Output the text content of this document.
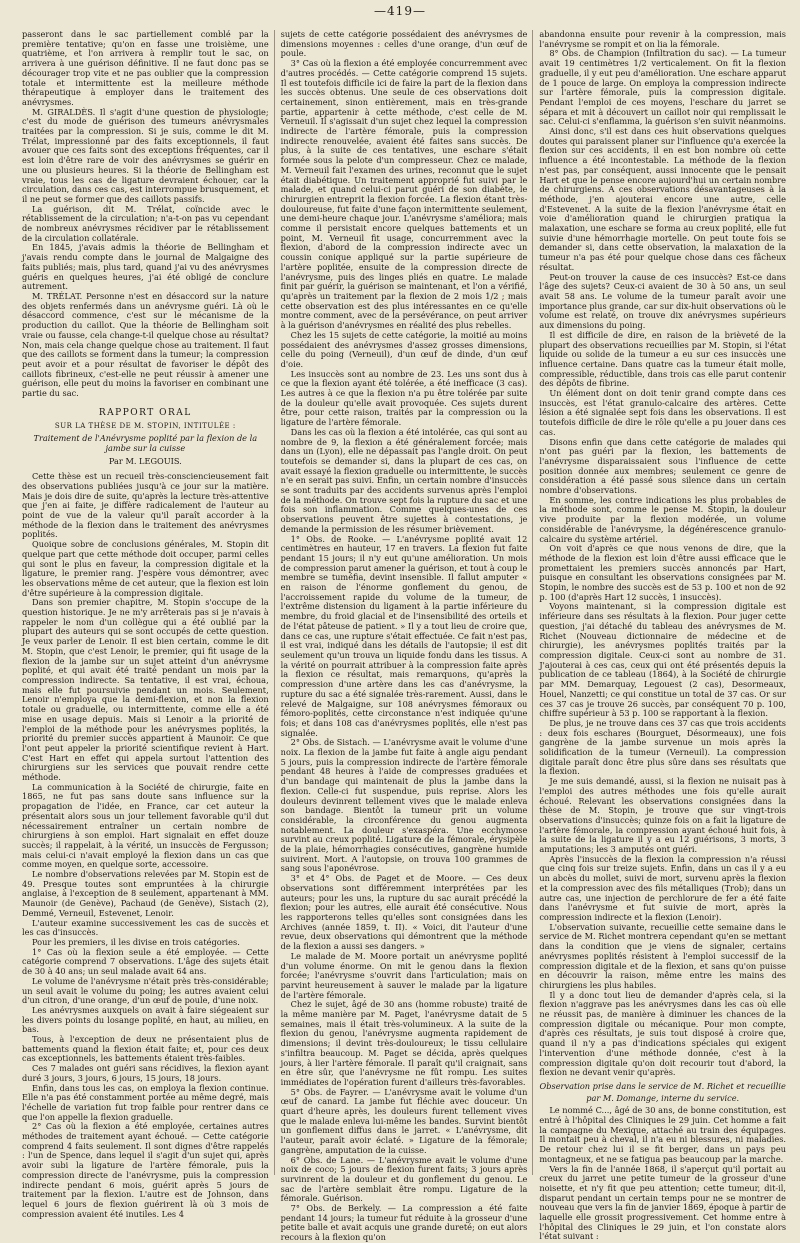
—419—

passeront dans le sac partiellement comblé par la première tentative; qu'on en fasse une troisième, une quatrième, et l'on arrivera à remplir tout le sac, on arrivera à une guérison définitive. Il ne faut donc pas se décourager trop vite et ne pas oublier que la compression totale et intermittente est la meilleure méthode thérapeutique à employer dans le traitement des anévrysmes.

M. GIRALDÈS. Il s'agit d'une question de physiologie; c'est du mode de guérison des tumeurs anévrysmales traitées par la compression. Si je suis, comme le dit M. Trélat, impressionné par des faits exceptionnels, il faut avouer que ces faits sont des exceptions fréquentes, car il est loin d'être rare de voir des anévrysmes se guérir en une ou plusieurs heures. Si la théorie de Bellingham est vraie, tous les cas de ligature devraient échouer, car la circulation, dans ces cas, est interrompue brusquement, et il ne peut se former que des caillots passifs.

La guérison, dit M. Trélat, coïncide avec le rétablissement de la circulation; n'a-t-on pas vu cependant de nombreux anévrysmes récidiver par le rétablissement de la circulation collatérale.

En 1845, j'avais admis la théorie de Bellingham et j'avais rendu compte dans le journal de Malgaigne des faits publiés; mais, plus tard, quand j'ai vu des anévrysmes guéris en quelques heures, j'ai été obligé de conclure autrement.

M. TRÉLAT. Personne n'est en désaccord sur la nature des objets renfermés dans un anévrysme guéri. Là où le désaccord commence, c'est sur le mécanisme de la production du caillot. Que la théorie de Bellingham soit vraie ou fausse, cela change-t-il quelque chose au résultat? Non, mais cela change quelque chose au traitement. Il faut que des caillots se forment dans la tumeur; la compression peut avoir et a pour résultat de favoriser le dépôt des caillots fibrineux, c'est-elle ne peut réussir à amener une guérison, elle peut du moins la favoriser en combinant une partie du sac.

RAPPORT ORAL
SUR LA THÈSE DE M. STOPIN, INTITULÉE :
Traitement de l'Anévrysme poplité par la flexion de la jambe sur la cuisse
Par M. LEGOUIS.

Cette thèse est un recueil très-consciencieusement fait des observations publiées jusqu'à ce jour sur la matière. Mais je dois dire de suite, qu'après la lecture très-attentive que j'en ai faite, je diffère radicalement de l'auteur au point de vue de la valeur qu'il paraît accorder à la méthode de la flexion dans le traitement des anévrysmes poplités.

Quoique sobre de conclusions générales, M. Stopin dit quelque part que cette méthode doit occuper, parmi celles qui sont le plus en faveur, la compression digitale et la ligature, le premier rang. J'espère vous démontrer, avec les observations même de cet auteur, que la flexion est loin d'être supérieure à la compression digitale.

Dans son premier chapitre, M. Stopin s'occupe de la question historique. Je ne m'y arrêterais pas si je n'avais à rappeler le nom d'un collègue qui a été oublié par la plupart des auteurs qui se sont occupés de cette question. Je veux parler de Lenoir. Il est bien certain, comme le dit M. Stopin, que c'est Lenoir, le premier, qui fit usage de la flexion de la jambe sur un sujet atteint d'un anévrysme poplité, et qui avait été traité pendant un mois par la compression indirecte. Sa tentative, il est vrai, échoua, mais elle fut poursuivie pendant un mois. Seulement, Lenoir n'employa que la demi-flexion, et non la flexion totale ou graduelle, ou intermittente, comme elle a été mise en usage depuis. Mais si Lenoir a la priorité de l'emploi de la méthode pour les anévrysmes poplités, la priorité du premier succès appartient à Maunoir. Ce que l'ont peut appeler la priorité scientifique revient à Hart. C'est Hart en effet qui appela surtout l'attention des chirurgiens sur les services que pouvait rendre cette méthode.

La communication à la Société de chirurgie, faite en 1865, ne fut pas sans doute sans influence sur la propagation de l'idée, en France, car cet auteur la présentait alors sous un jour tellement favorable qu'il dut nécessairement entraîner un certain nombre de chirurgiens à son emploi. Hart signalait en effet douze succès; il rappelait, à la vérité, un insuccès de Fergusson; mais celui-ci n'avait employé la flexion dans un cas que comme moyen, en quelque sorte, accessoire.

Le nombre d'observations relevées par M. Stopin est de 49. Presque toutes sont empruntées à la chirurgie anglaise, à l'exception de 8 seulement, appartenant à MM. Maunoir (de Genève), Pachaud (de Genève), Sistach (2), Demmé, Verneuil, Estevenet, Lenoir.

L'auteur examine successivement les cas de succès et les cas d'insuccès.

Pour les premiers, il les divise en trois catégories.

1° Cas où la flexion seule a été employée. — Cette catégorie comprend 7 observations. L'âge des sujets était de 30 à 40 ans; un seul malade avait 64 ans.

Le volume de l'anévrysme n'était près très-considérable; un seul avait le volume du poing; les autres avaient celui d'un citron, d'une orange, d'un œuf de poule, d'une noix.

Les anévrysmes auxquels on avait à faire siégeaient sur les divers points du losange poplité, en haut, au milieu, en bas.

Tous, à l'exception de deux ne présentaient plus de battements quand la flexion était faite; et, pour ces deux cas exceptionnels, les battements étaient très-faibles.

Ces 7 malades ont guéri sans récidives, la flexion ayant duré 3 jours, 3 jours, 6 jours, 15 jours, 18 jours.

Enfin, dans tous les cas, on employa la flexion continue. Elle n'a pas été constamment portée au même degré, mais l'échelle de variation fut trop faible pour rentrer dans ce que l'on appelle la flexion graduelle.

2° Cas où la flexion a été employée, certaines autres méthodes de traitement ayant échoué. — Cette catégorie comprend 4 faits seulement. Il sont dignes d'être rappelés : l'un de Spence, dans lequel il s'agit d'un sujet qui, après avoir subi la ligature de l'artère fémorale, puis la compression directe de l'anévrysme, puis la compression indirecte pendant 6 mois, guérit après 5 jours de traitement par la flexion. L'autre est de Johnson, dans lequel 6 jours de flexion guérirent là où 3 mois de compression avaient été inutiles. Les 4

sujets de cette catégorie possédaient des anévrysmes de dimensions moyennes : celles d'une orange, d'un œuf de poule.

3° Cas où la flexion a été employée concurremment avec d'autres procédés. — Cette catégorie comprend 15 sujets. Il est toutefois difficile ici de faire la part de la flexion dans les succès obtenus. Une seule de ces observations doit certainement, sinon entièrement, mais en très-grande partie, appartenir à cette méthode, c'est celle de M. Verneuil. Il s'agissait d'un sujet chez lequel la compression indirecte de l'artère fémorale, puis la compression indirecte renouvelée, avaient été faites sans succès. De plus, à la suite de ces tentatives, une eschare s'était formée sous la pelote d'un compresseur. Chez ce malade, M. Verneuil fait l'examen des urines, reconnut que le sujet était diabétique. Un traitement approprié fut suivi par le malade, et quand celui-ci parut guéri de son diabète, le chirurgien entreprit la flexion forcée. La flexion étant très-douloureuse, fut faite d'une façon intermittente seulement, une demi-heure chaque jour. L'anévrysme s'améliora; mais comme il persistait encore quelques battements et un point, M. Verneuil fit usage, concurremment avec la flexion, d'abord de la compression indirecte avec un coussin conique appliqué sur la partie supérieure de l'artère poplitée, ensuite de la compression directe de l'anévrysme, puis des linges pliés en quatre. Le malade finit par guérir, la guérison se maintenant, et l'on a vérifié, qu'après un traitement par la flexion de 2 mois 1/2 ; mais cette observation est des plus intéressantes en ce qu'elle montre comment, avec de la persévérance, on peut arriver à la guérison d'anévrysmes en réalité des plus rebelles.

Chez les 15 sujets de cette catégorie, la moitié au moins possédaient des anévrysmes d'assez grosses dimensions, celle du poing (Verneuil), d'un œuf de dinde, d'un œuf d'oie.

Les insuccès sont au nombre de 23. Les uns sont dus à ce que la flexion ayant été tolérée, a été inefficace (3 cas). Les autres à ce que la flexion n'a pu être tolérée par suite de la douleur qu'elle avait provoquée. Ces sujets durent être, pour cette raison, traités par la compression ou la ligature de l'artère fémorale.

Dans les cas où la flexion a été intolérée, cas qui sont au nombre de 9, la flexion a été généralement forcée; mais dans un (Lyon), elle ne dépassait pas l'angle droit. On peut toutefois se demander si, dans la plupart de ces cas, on avait essayé la flexion graduelle ou intermittente, le succès n'e en serait pas suivi. Enfin, un certain nombre d'insuccès se sont traduits par des accidents survenus après l'emploi de la méthode. On trouve sept fois la rupture du sac et une fois son inflammation. Comme quelques-unes de ces observations peuvent être sujettes à contestations, je demande la permission de les résumer brièvement.

1° Obs. de Rooke. — L'anévrysme poplité avait 12 centimètres en hauteur, 17 en travers. La flexion fut faite pendant 15 jours; il n'y eut qu'une amélioration. Un mois de compression parut amener la guérison, et tout à coup le membre se tuméfia, devint insensible. Il fallut amputer « en raison de l'énorme gonflement du genou, de l'accroissement rapide du volume de la tumeur, de l'extrême distension du ligament à la partie inférieure du membre, du froid glacial et de l'insensibilité des orteils et de l'état pâteuse de patient. » Il y a tout lieu de croire que, dans ce cas, une rupture s'était effectuée. Ce fait n'est pas, il est vrai, indiqué dans les détails de l'autopsie; il est dit seulement qu'un trouva un liquide fondu dans les tissus. A la vérité on pourrait attribuer à la compression faite après la flexion ce résultat, mais remarquons, qu'après la compression d'une artère dans les cas d'anévrysme, la rupture du sac a été signalée très-rarement. Aussi, dans le relevé de Malgaigne, sur 108 anévrysmes fémoraux ou fémoro-poplités, cette circonstance n'est indiquée qu'une fois; et dans 108 cas d'anévrysmes poplités, elle n'est pas signalée.

2° Obs. de Sistach. — L'anévrysme avait le volume d'une noix. La flexion de la jambe fut faite à angle aigu pendant 5 jours, puis la compression indirecte de l'artère fémorale pendant 48 heures à l'aide de compresses graduées et d'un bandage qui maintenait de plus la jambe dans la flexion. Celle-ci fut suspendue, puis reprise. Alors les douleurs devinrent tellement vives que le malade enleva son bandage. Bientôt la tumeur prit un volume considérable, la circonférence du genou augmenta notablement. La douleur s'exaspéra. Une ecchymose survint au creux poplité. Ligature de la fémorale, érysipèle de la plaie, hémorrhagies consécutives, gangrène humide suivirent. Mort. A l'autopsie, on trouva 100 grammes de sang sous l'aponévrose.

3° et 4° Obs. de Paget et de Moore. — Ces deux observations sont différemment interprétées par les auteurs; pour les uns, la rupture du sac aurait précédé la flexion; pour les autres, elle aurait été consécutive. Nous les rapporterons telles qu'elles sont consignées dans les Archives (année 1859, t. II). « Voici, dit l'auteur d'une revue, deux observations qui démontrent que la méthode de la flexion a aussi ses dangers. »

Le malade de M. Moore portait un anévrysme poplité d'un volume énorme. On mit le genou dans la flexion forcée; l'anévrysme s'ouvrit dans l'articulation; mais on parvint heureusement à sauver le malade par la ligature de l'artère fémorale.

Chez le sujet, âgé de 30 ans (homme robuste) traité de la même manière par M. Paget, l'anévrysme datait de 5 semaines, mais il était très-volumineux. A la suite de la flexion du genou, l'anévrysme augmenta rapidement de dimensions; il devint très-douloureux; le tissu cellulaire s'infiltra beaucoup. M. Paget se décida, après quelques jours, à lier l'artère fémorale. Il paraît qu'il craignait, sans en être sûr, que l'anévrysme ne fût rompu. Les suites immédiates de l'opération furent d'ailleurs très-favorables.

5° Obs. de Fayrer. — L'anévrysme avait le volume d'un œuf de canard. La jambe fut fléchie avec douceur. Un quart d'heure après, les douleurs furent tellement vives que le malade enleva lui-même les bandes. Survint bientôt un gonflement diffus dans le jarret. « L'anévrysme, dit l'auteur, paraît avoir éclaté. » Ligature de la fémorale; gangrène, amputation de la cuisse.

6° Obs. de Lane. — L'anévrysme avait le volume d'une noix de coco; 5 jours de flexion furent faits; 3 jours après survinrent de la douleur et du gonflement du genou. Le sac de l'artère semblait être rompu. Ligature de la fémorale. Guérison.

7° Obs. de Berkely. — La compression a été faite pendant 14 jours; la tumeur fut réduite à la grosseur d'une petite balle et avait acquis une grande dureté; on eut alors recours à la flexion qu'on

abandonna ensuite pour revenir à la compression, mais l'anévrysme se rompit et on lia la fémorale.

8° Obs. de Champion (Infiltration du sac). — La tumeur avait 19 centimètres 1/2 verticalement. On fit la flexion graduelle, il y eut peu d'amélioration. Une eschare apparut de 1 pouce de large. On employa la compression indirecte sur l'artère fémorale, puis la compression digitale. Pendant l'emploi de ces moyens, l'eschare du jarret se sépara et mit à découvert un caillot noir qui remplissait le sac. Celui-ci s'enflamma, la guérison s'en suivit néanmoins.

Ainsi donc, s'il est dans ces huit observations quelques doutes qui paraissent planer sur l'influence qu'a exercée la flexion sur ces accidents, il en est bon nombre où cette influence a été incontestable. La méthode de la flexion n'est pas, par conséquent, aussi innocente que le pensait Hart et que le pense encore aujourd'hui un certain nombre de chirurgiens. A ces observations désavantageuses à la méthode, j'en ajouterai encore une autre, celle d'Estevenet. A la suite de la flexion l'anévrysme était en voie d'amélioration quand le chirurgien pratiqua la malaxation, une eschare se forma au creux poplité, elle fut suivie d'une hémorrhagie mortelle. On peut toute fois se demander si, dans cette observation, la malaxation de la tumeur n'a pas été pour quelque chose dans ces fâcheux résultat.

Peut-on trouver la cause de ces insuccès? Est-ce dans l'âge des sujets? Ceux-ci avaient de 30 à 50 ans, un seul avait 58 ans. Le volume de la tumeur paraît avoir une importance plus grande, car sur dix-huit observations où le volume est relaté, on trouve dix anévrysmes supérieurs aux dimensions du poing.

Il est difficile de dire, en raison de la brièveté de la plupart des observations recueillies par M. Stopin, si l'état liquide ou solide de la tumeur a eu sur ces insuccès une influence certaine. Dans quatre cas la tumeur était molle, compressible, réductible, dans trois cas elle parut contenir des dépôts de fibrine.

Un élément dont on doit tenir grand compte dans ces insuccès, est l'état granulo-calcaire des artères. Cette lésion a été signalée sept fois dans les observations. Il est toutefois difficile de dire le rôle qu'elle a pu jouer dans ces cas.

Disons enfin que dans cette catégorie de malades qui n'ont pas guéri par la flexion, les battements de l'anévrysme disparaissaient sous l'influence de cette position donnée aux membres; seulement ce genre de considération a été passé sous silence dans un certain nombre d'observations.

En somme, les contre indications les plus probables de la méthode sont, comme le pense M. Stopin, la douleur vive produite par la flexion modérée, un volume considérable de l'anévrysme, la dégénérescence granulo-calcaire du système artériel.

On voit d'après ce que nous venons de dire, que la méthode de la flexion est loin d'être aussi efficace que le promettaient les premiers succès annoncés par Hart, puisque en consultant les observations consignées par M. Stopin, le nombre des succès est de 53 p. 100 et non de 92 p. 100 (d'après Hart 12 succès, 1 insuccès).

Voyons maintenant, si la compression digitale est inférieure dans ses résultats à la flexion. Pour juger cette question, j'ai détaché du tableau des anévrysmes de M. Richet (Nouveau dictionnaire de médecine et de chirurgie), les anévrysmes poplités traités par la compression digitale. Ceux-ci sont au nombre de 31. J'ajouterai à ces cas, ceux qui ont été présentés depuis la publication de ce tableau (1864), à la Société de chirurgie par MM. Demarquay, Legouest (2 cas), Desormeaux, Houel, Nanzetti; ce qui constitue un total de 37 cas. Or sur ces 37 cas je trouve 26 succès, par conséquent 70 p. 100, chiffre supérieur à 53 p. 100 se rapportant à la flexion.

De plus, je ne trouve dans ces 37 cas que trois accidents : deux fois eschares (Bourguet, Désormeaux), une fois gangrène de la jambe survenue un mois après la solidification de la tumeur (Verneuil). La compression digitale paraît donc être plus sûre dans ses résultats que la flexion.

Je me suis demandé, aussi, si la flexion ne nuisait pas à l'emploi des autres méthodes une fois qu'elle aurait échoué. Relevant les observations consignées dans la thèse de M. Stopin, je trouve que sur vingt-trois observations d'insuccès; quinze fois on a fait la ligature de l'artère fémorale, la compression ayant échoué huit fois, à la suite de la ligature il y a eu 12 guérisons, 3 morts, 3 amputations; les 3 amputés ont guéri.

Après l'insuccès de la flexion la compression n'a réussi que cinq fois sur treize sujets. Enfin, dans un cas il y a eu un abcès du mollet, suivi de mort, survenu après la flexion et la compression avec des fils métalliques (Trob); dans un autre cas, une injection de perchlorure de fer a été faite dans l'anévrysme et fut suivie de mort, après la compression indirecte et la flexion (Lenoir).

L'observation suivante, recueillie cette semaine dans le service de M. Richet montrera cependant qu'en se mettant dans la condition que je viens de signaler, certains anévrysmes poplités résistent à l'emploi successif de la compression digitale et de la flexion, et sans qu'on puisse en découvrir la raison, même entre les mains des chirurgiens les plus habiles.

Il y a donc tout lieu de demander d'après cela, si la flexion n'aggrave pas les anévrysmes dans les cas où elle ne réussit pas, de manière à diminuer les chances de la compression digitale ou mécanique. Pour mon compte, d'après ces résultats, je suis tout disposé à croire que, quand il n'y a pas d'indications spéciales qui exigent l'intervention d'une méthode donnée, c'est à la compression digitale qu'on doit recourir tout d'abord, la flexion ne devant venir qu'après.

Observation prise dans le service de M. Richet et recueillie
par M. Domange, interne du service.

Le nommé C..., âgé de 30 ans, de bonne constitution, est entré à l'hôpital des Cliniques le 29 juin. Cet homme a fait la campagne du Mexique, attaché au train des équipages. Il montait peu à cheval, il n'a eu ni blessures, ni maladies. De retour chez lui il se fit berger, dans un pays peu montagneux, et ne se fatigua pas beaucoup par la marche.

Vers la fin de l'année 1868, il s'aperçut qu'il portait au creux du jarret une petite tumeur de la grosseur d'une noisette, et n'y fit que peu attention; cette tumeur, dit-il, disparut pendant un certain temps pour ne se montrer de nouveau que vers la fin de janvier 1869, époque à partir de laquelle elle grossit progressivement. Cet homme entre à l'hôpital des Cliniques le 29 juin, et l'on constate alors l'état suivant :
